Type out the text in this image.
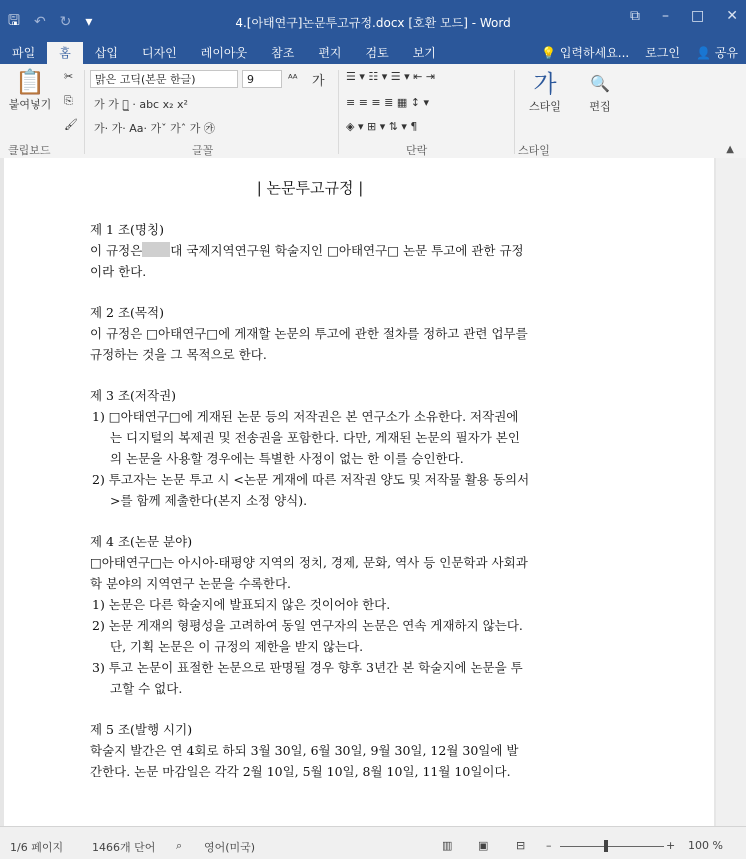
🖫 ↶ ↻ ▾	4.[아태연구]논문투고규정.docx [호환 모드] - Word	⧉ – □ ✕
파일	홈	삽입	디자인	레이아웃	참조	편지	검토	보기	💡 입력하세요...	로그인	👤 공유
📋
붙여넣기
✂
⎘
🖌
맑은 고딕(본문 한글)	9	ᴬᴬ 가
가 가 가̲ · abc x₂ x²
가· 가· Aa· 가ˇ 가ˆ 가 ㉮
☰ ▾ ☷ ▾ ☰ ▾ ⇤ ⇥
≡ ≡ ≡ ≣ ▦ ↕ ▾
◈ ▾ ⊞ ▾ ⇅ ▾ ¶
가
스타일
🔍
편집
클립보드	글꼴	단락	스타일	▲
| 논문투고규정 |
제 1 조(명칭)
이 규정은 대 국제지역연구원 학술지인 □아태연구□ 논문 투고에 관한 규정이라 한다.
제 2 조(목적)
이 규정은 □아태연구□에 게재할 논문의 투고에 관한 절차를 정하고 관련 업무를 규정하는 것을 그 목적으로 한다.
제 3 조(저작권)
1) □아태연구□에 게재된 논문 등의 저작권은 본 연구소가 소유한다. 저작권에는 디지털의 복제권 및 전송권을 포함한다. 다만, 게재된 논문의 필자가 본인의 논문을 사용할 경우에는 특별한 사정이 없는 한 이를 승인한다.
2) 투고자는 논문 투고 시 <논문 게재에 따른 저작권 양도 및 저작물 활용 동의서>를 함께 제출한다(본지 소정 양식).
제 4 조(논문 분야)
□아태연구□는 아시아-태평양 지역의 정치, 경제, 문화, 역사 등 인문학과 사회과학 분야의 지역연구 논문을 수록한다.
1) 논문은 다른 학술지에 발표되지 않은 것이어야 한다.
2) 논문 게재의 형평성을 고려하여 동일 연구자의 논문은 연속 게재하지 않는다. 단, 기획 논문은 이 규정의 제한을 받지 않는다.
3) 투고 논문이 표절한 논문으로 판명될 경우 향후 3년간 본 학술지에 논문을 투고할 수 없다.
제 5 조(발행 시기)
학술지 발간은 연 4회로 하되 3월 30일, 6월 30일, 9월 30일, 12월 30일에 발간한다. 논문 마감일은 각각 2월 10일, 5월 10일, 8월 10일, 11월 10일이다.
1/6 페이지	1466개 단어 ⌕ 영어(미국)	▥ ▣	⊟ –	+ 100 %
